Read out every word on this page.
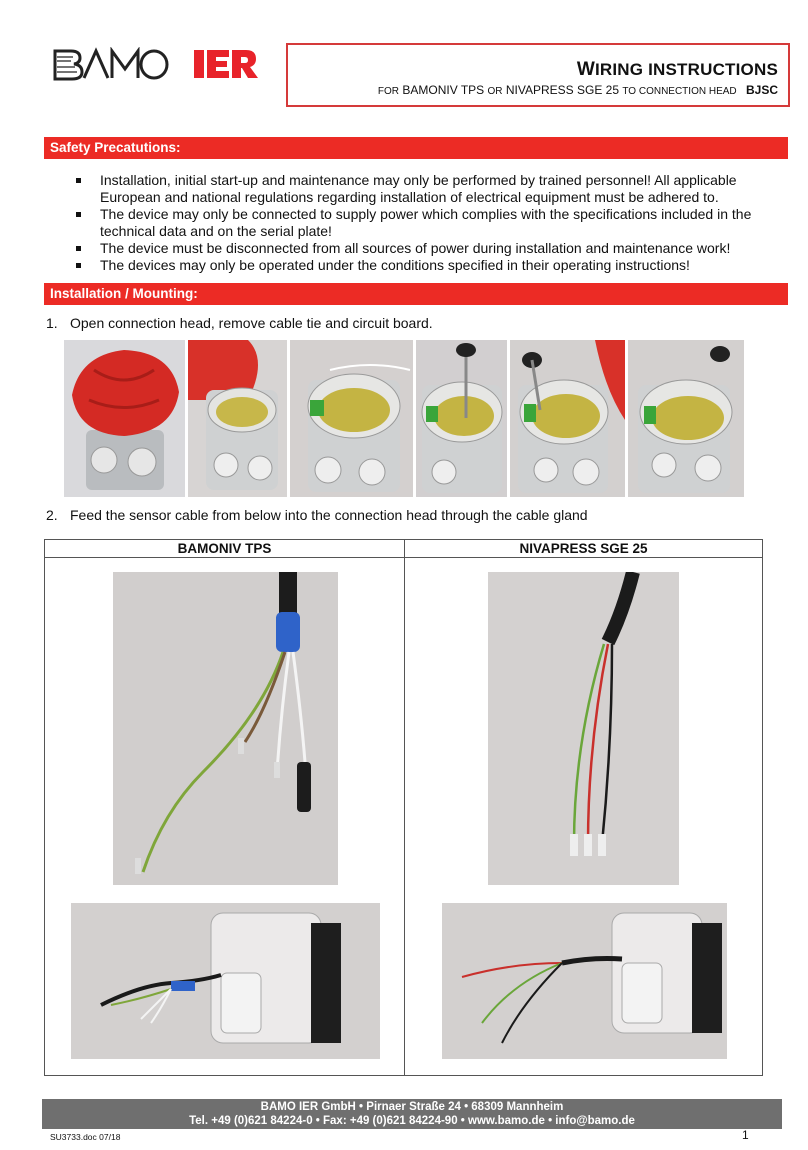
WIRING INSTRUCTIONS
FOR BAMONIV TPS OR NIVAPRESS SGE 25 TO CONNECTION HEAD BJSC
Safety Precatutions:
Installation, initial start-up and maintenance may only be performed by trained personnel! All applicable European and national regulations regarding installation of electrical equipment must be adhered to.
The device may only be connected to supply power which complies with the specifications included in the technical data and on the serial plate!
The device must be disconnected from all sources of power during installation and maintenance work!
The devices may only be operated under the conditions specified in their operating instructions!
Installation / Mounting:
1. Open connection head, remove cable tie and circuit board.
2. Feed the sensor cable from below into the connection head through the cable gland
BAMONIV TPS	NIVAPRESS SGE 25
BAMO IER GmbH • Pirnaer Straße 24 • 68309 Mannheim
Tel. +49 (0)621 84224-0 • Fax: +49 (0)621 84224-90 • www.bamo.de • info@bamo.de
SU3733.doc 07/18	1
